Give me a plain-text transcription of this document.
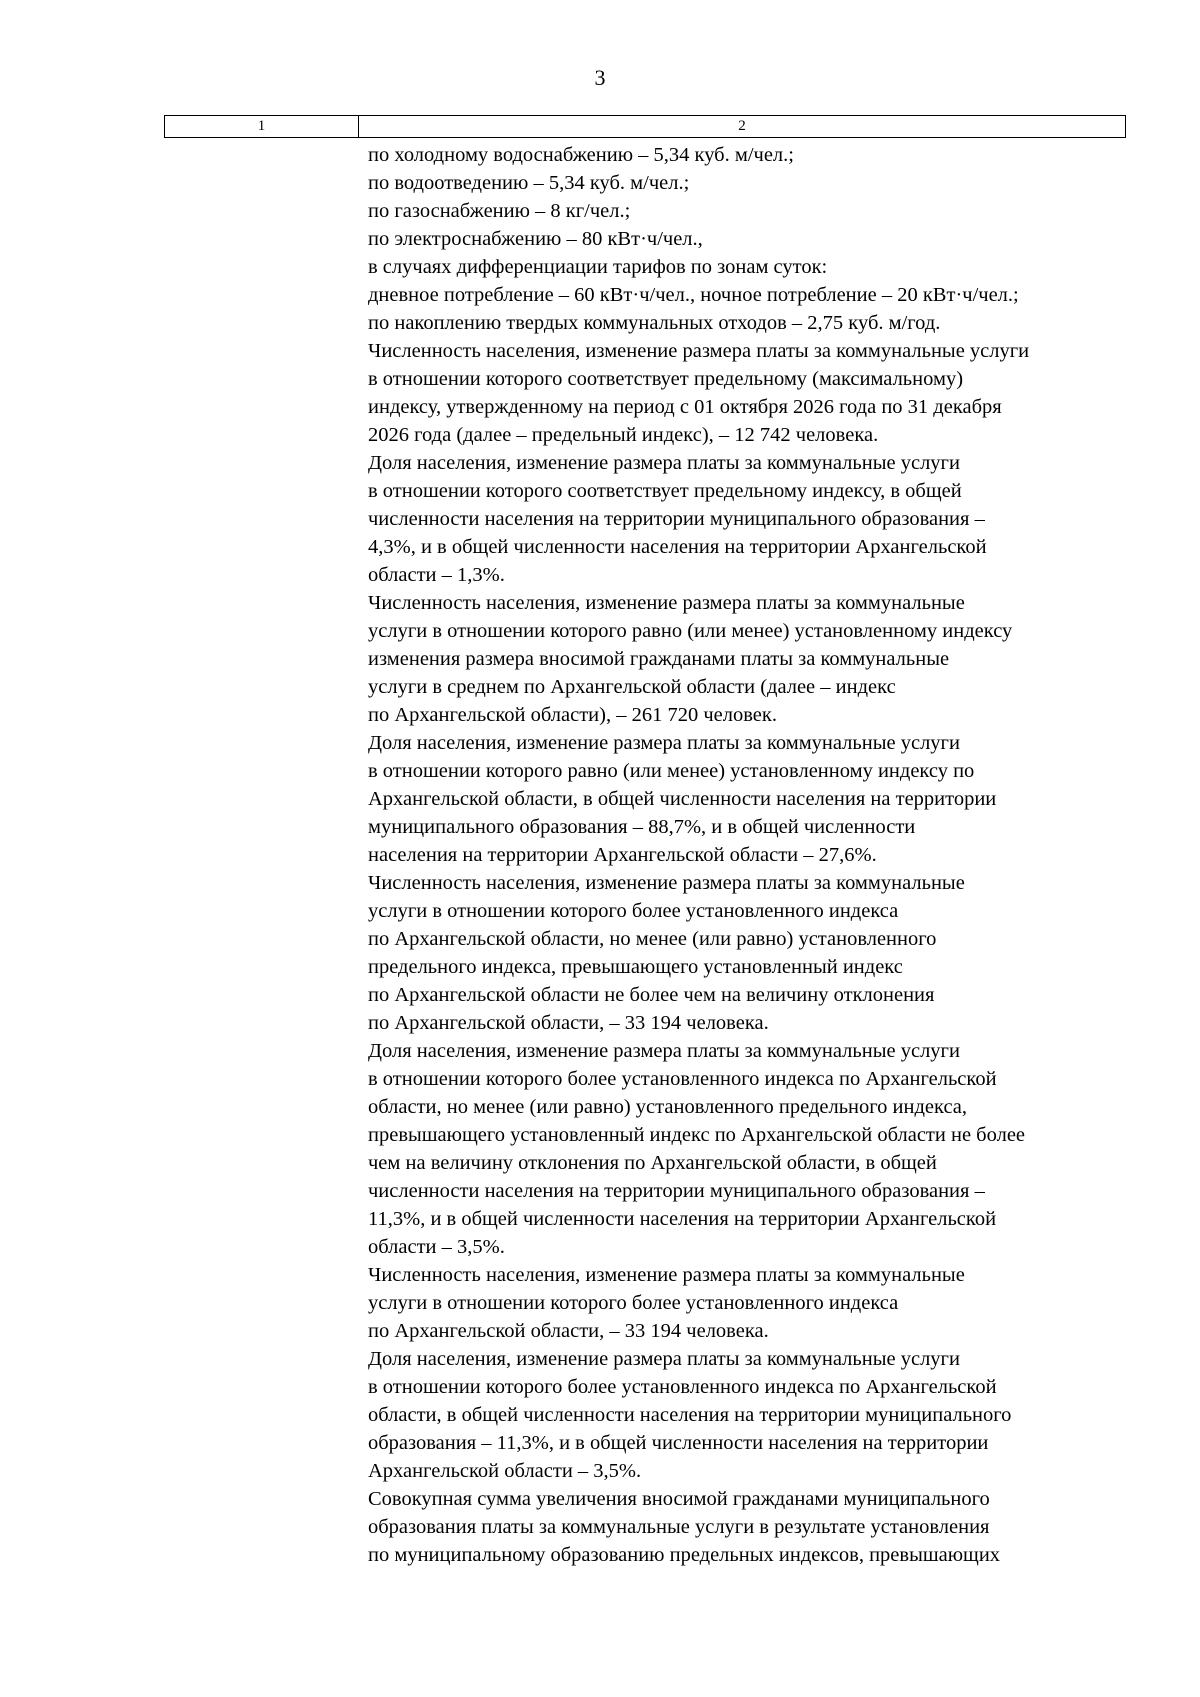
3
1	2
по холодному водоснабжению – 5,34 куб. м/чел.;
по водоотведению – 5,34 куб. м/чел.;
по газоснабжению – 8 кг/чел.;
по электроснабжению – 80 кВт·ч/чел.,
в случаях дифференциации тарифов по зонам суток:
дневное потребление – 60 кВт·ч/чел., ночное потребление – 20 кВт·ч/чел.;
по накоплению твердых коммунальных отходов – 2,75 куб. м/год.
Численность населения, изменение размера платы за коммунальные услуги
в отношении которого соответствует предельному (максимальному)
индексу, утвержденному на период с 01 октября 2026 года по 31 декабря
2026 года (далее – предельный индекс), – 12 742 человека.
Доля населения, изменение размера платы за коммунальные услуги
в отношении которого соответствует предельному индексу, в общей
численности населения на территории муниципального образования –
4,3%, и в общей численности населения на территории Архангельской
области – 1,3%.
Численность населения, изменение размера платы за коммунальные
услуги в отношении которого равно (или менее) установленному индексу
изменения размера вносимой гражданами платы за коммунальные
услуги в среднем по Архангельской области (далее – индекс
по Архангельской области), – 261 720 человек.
Доля населения, изменение размера платы за коммунальные услуги
в отношении которого равно (или менее) установленному индексу по
Архангельской области, в общей численности населения на территории
муниципального образования – 88,7%, и в общей численности
населения на территории Архангельской области – 27,6%.
Численность населения, изменение размера платы за коммунальные
услуги в отношении которого более установленного индекса
по Архангельской области, но менее (или равно) установленного
предельного индекса, превышающего установленный индекс
по Архангельской области не более чем на величину отклонения
по Архангельской области, – 33 194 человека.
Доля населения, изменение размера платы за коммунальные услуги
в отношении которого более установленного индекса по Архангельской
области, но менее (или равно) установленного предельного индекса,
превышающего установленный индекс по Архангельской области не более
чем на величину отклонения по Архангельской области, в общей
численности населения на территории муниципального образования –
11,3%, и в общей численности населения на территории Архангельской
области – 3,5%.
Численность населения, изменение размера платы за коммунальные
услуги в отношении которого более установленного индекса
по Архангельской области, – 33 194 человека.
Доля населения, изменение размера платы за коммунальные услуги
в отношении которого более установленного индекса по Архангельской
области, в общей численности населения на территории муниципального
образования – 11,3%, и в общей численности населения на территории
Архангельской области – 3,5%.
Совокупная сумма увеличения вносимой гражданами муниципального
образования платы за коммунальные услуги в результате установления
по муниципальному образованию предельных индексов, превышающих
